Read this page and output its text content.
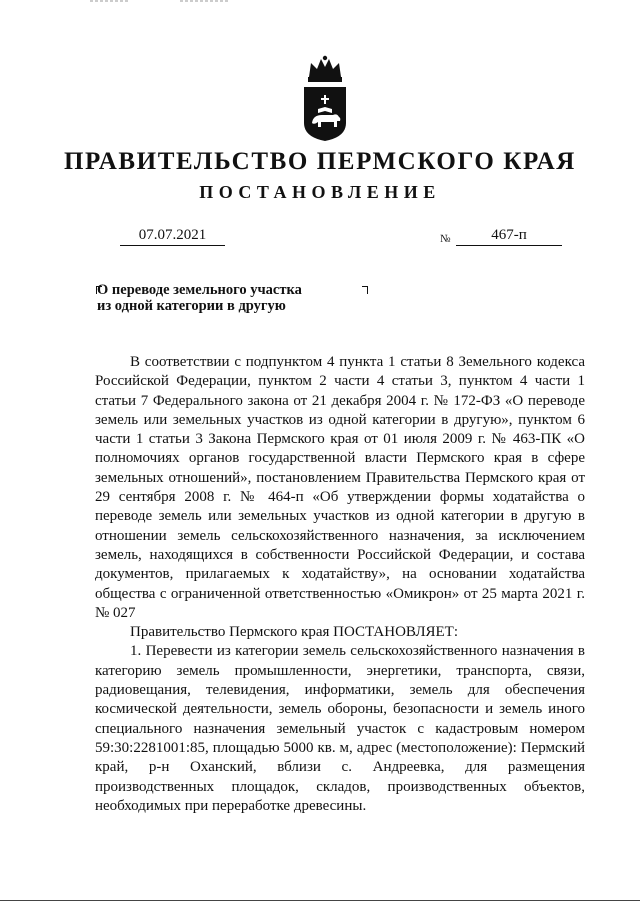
ПРАВИТЕЛЬСТВО ПЕРМСКОГО КРАЯ
ПОСТАНОВЛЕНИЕ
07.07.2021	№	467-п
О переводе земельного участка
из одной категории в другую

В соответствии с подпунктом 4 пункта 1 статьи 8 Земельного кодекса Российской Федерации, пунктом 2 части 4 статьи 3, пунктом 4 части 1 статьи 7 Федерального закона от 21 декабря 2004 г. № 172-ФЗ «О переводе земель или земельных участков из одной категории в другую», пунктом 6 части 1 статьи 3 Закона Пермского края от 01 июля 2009 г. № 463-ПК «О полномочиях органов государственной власти Пермского края в сфере земельных отношений», постановлением Правительства Пермского края от 29 сентября 2008 г. № 464-п «Об утверждении формы ходатайства о переводе земель или земельных участков из одной категории в другую в отношении земель сельскохозяйственного назначения, за исключением земель, находящихся в собственности Российской Федерации, и состава документов, прилагаемых к ходатайству», на основании ходатайства общества с ограниченной ответственностью «Омикрон» от 25 марта 2021 г. № 027

Правительство Пермского края ПОСТАНОВЛЯЕТ:

1. Перевести из категории земель сельскохозяйственного назначения в категорию земель промышленности, энергетики, транспорта, связи, радиовещания, телевидения, информатики, земель для обеспечения космической деятельности, земель обороны, безопасности и земель иного специального назначения земельный участок с кадастровым номером 59:30:2281001:85, площадью 5000 кв. м, адрес (местоположение): Пермский край, р-н Оханский, вблизи с. Андреевка, для размещения производственных площадок, складов, производственных объектов, необходимых при переработке древесины.
